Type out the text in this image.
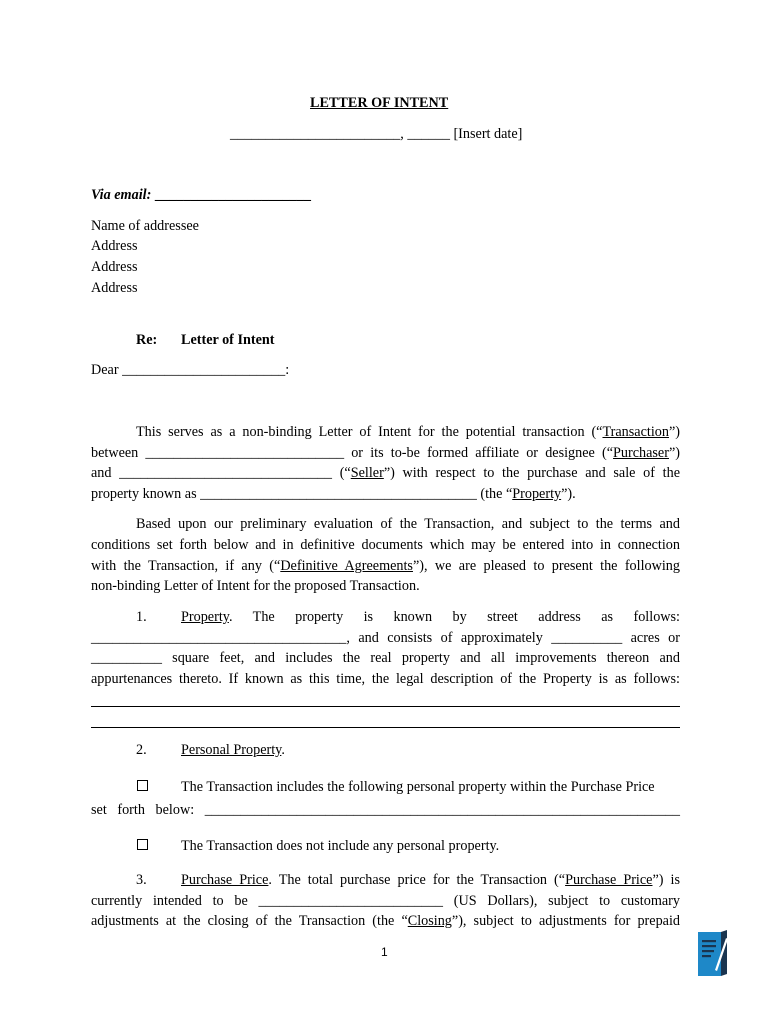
LETTER OF INTENT
________________________, ______ [Insert date]
Via email: ______________________
Name of addressee
Address
Address
Address
Re: Letter of Intent
Dear _______________________:
This serves as a non-binding Letter of Intent for the potential transaction (“Transaction”)
between ____________________________ or its to-be formed affiliate or designee (“Purchaser”)
and ______________________________ (“Seller”) with respect to the purchase and sale of the
property known as _______________________________________ (the “Property”).
Based upon our preliminary evaluation of the Transaction, and subject to the terms and
conditions set forth below and in definitive documents which may be entered into in connection
with the Transaction, if any (“Definitive Agreements”), we are pleased to present the following
non-binding Letter of Intent for the proposed Transaction.
1. Property. The property is known by street address as follows:
____________________________________, and consists of approximately __________ acres or
__________ square feet, and includes the real property and all improvements thereon and
appurtenances thereto. If known as this time, the legal description of the Property is as follows:
2. Personal Property.
The Transaction includes the following personal property within the Purchase Price
set forth below: ___________________________________________________________________
The Transaction does not include any personal property.
3. Purchase Price. The total purchase price for the Transaction (“Purchase Price”) is
currently intended to be __________________________ (US Dollars), subject to customary
adjustments at the closing of the Transaction (the “Closing”), subject to adjustments for prepaid
1
